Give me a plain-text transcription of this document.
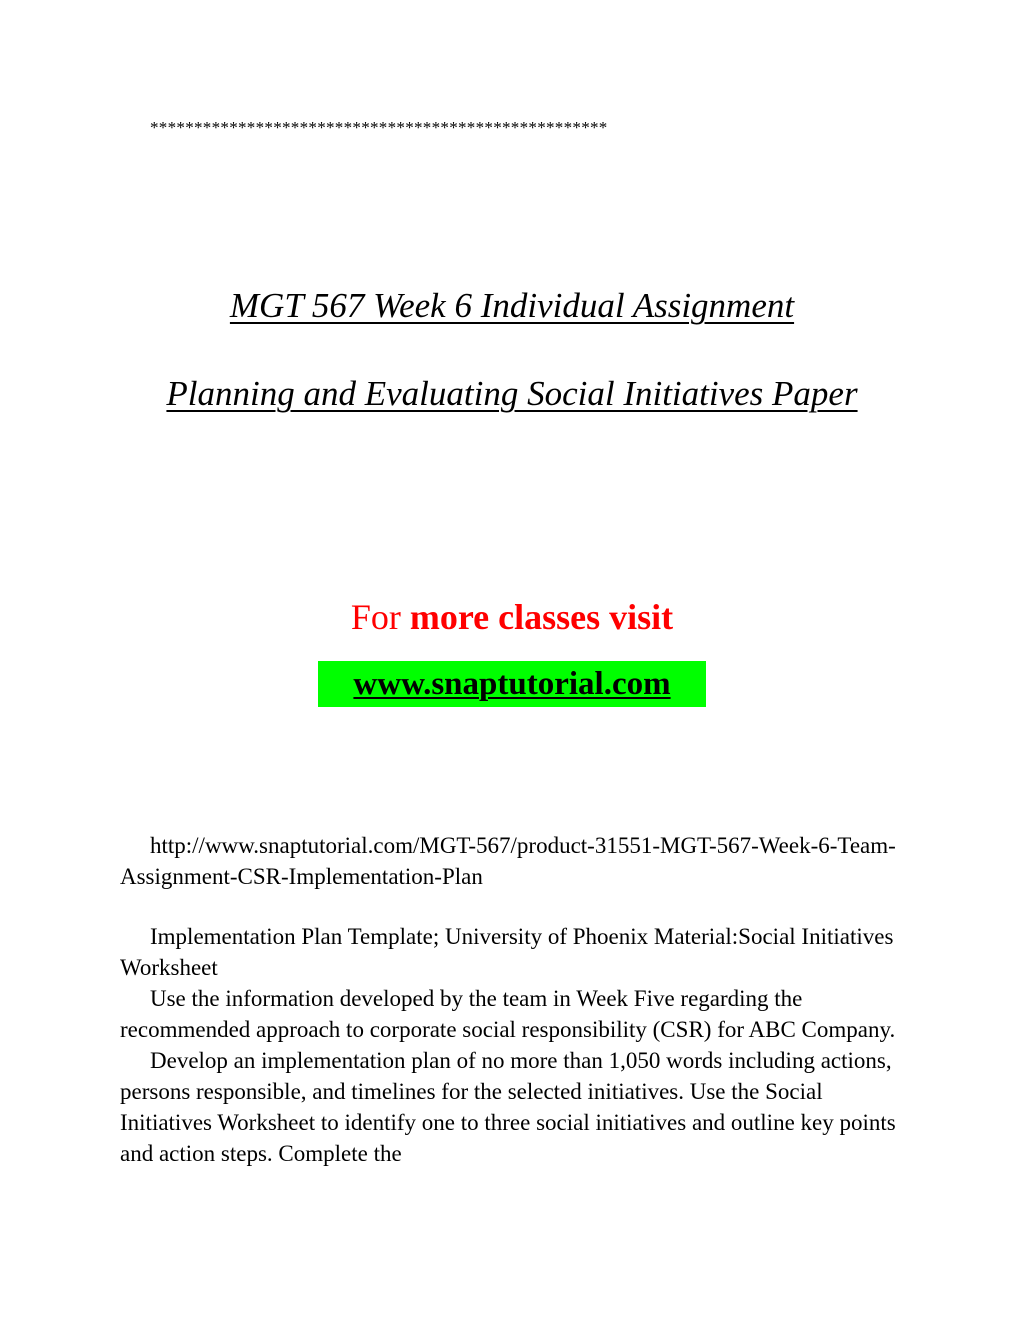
****************************************************
MGT 567 Week 6 Individual Assignment
Planning and Evaluating Social Initiatives Paper
For more classes visit
www.snaptutorial.com

http://www.snaptutorial.com/MGT-567/product-31551-MGT-567-Week-6-Team-Assignment-CSR-Implementation-Plan

Implementation Plan Template; University of Phoenix Material:Social Initiatives Worksheet

Use the information developed by the team in Week Five regarding the recommended approach to corporate social responsibility (CSR) for ABC Company.

Develop an implementation plan of no more than 1,050 words including actions, persons responsible, and timelines for the selected initiatives. Use the Social Initiatives Worksheet to identify one to three social initiatives and outline key points and action steps. Complete the
